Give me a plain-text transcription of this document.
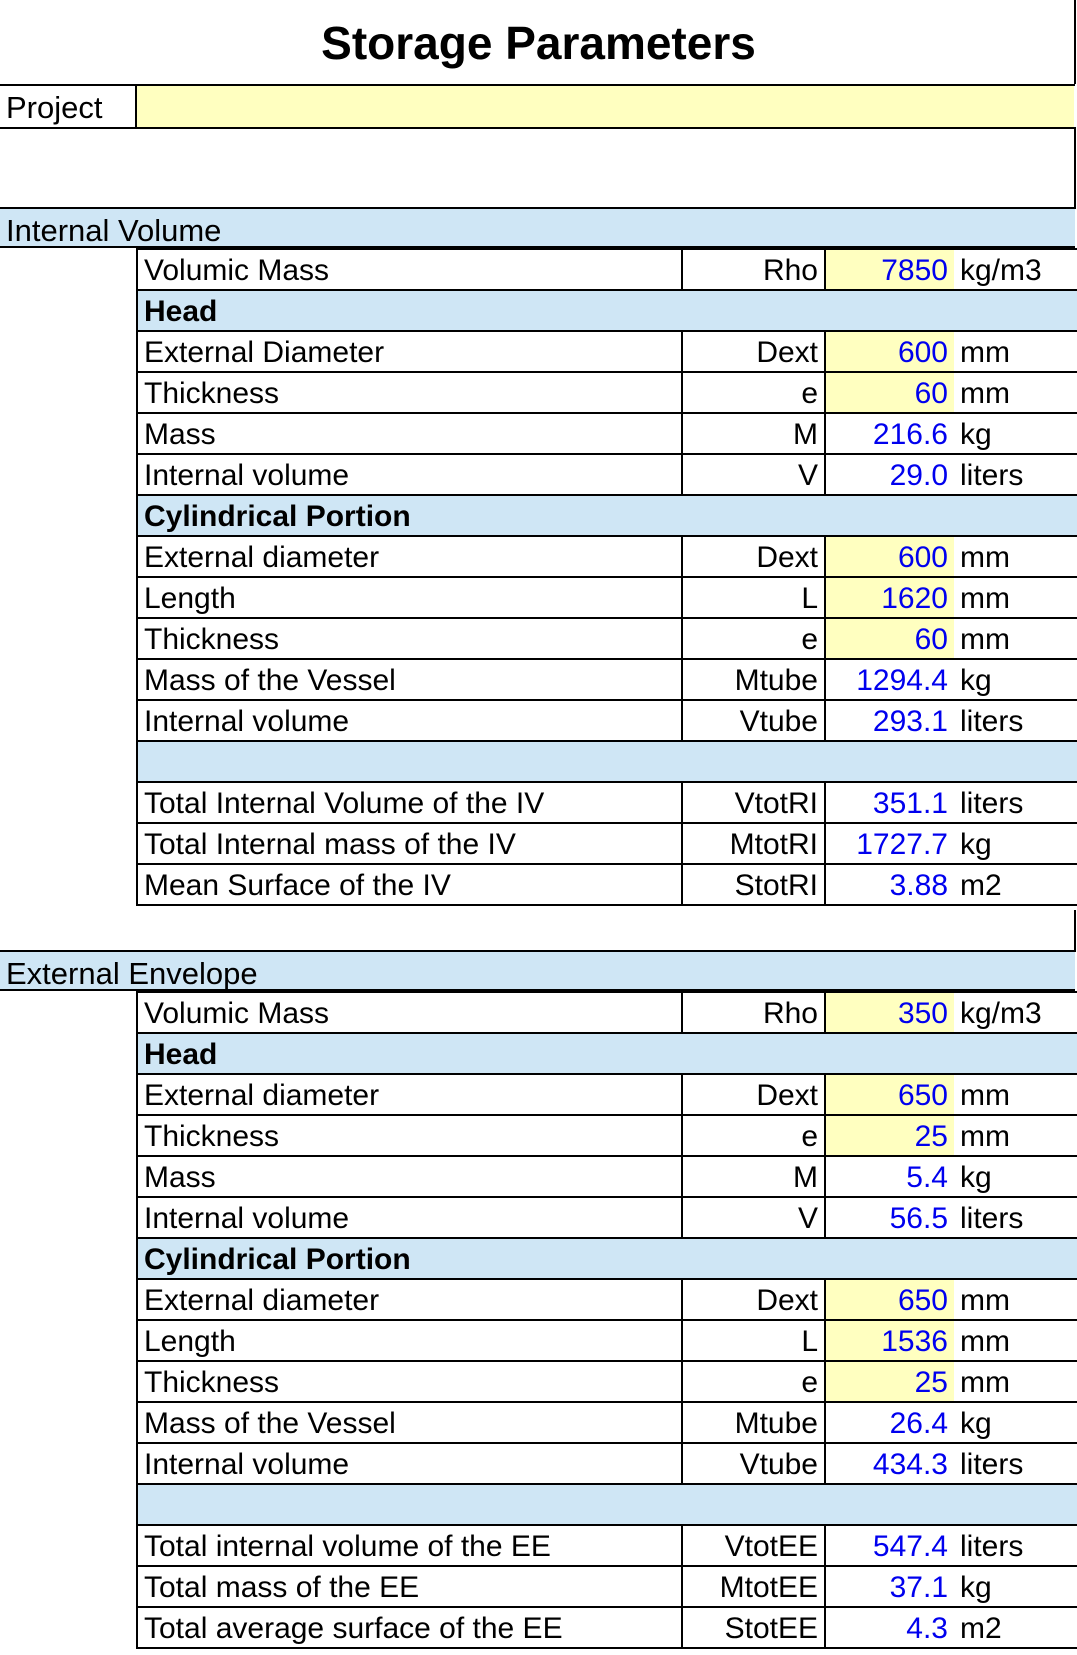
Storage Parameters
Project
Internal Volume
Volumic Mass	Rho	7850 kg/m3
Head
External Diameter	Dext	600 mm
Thickness	e	60 mm
Mass	M	216.6 kg
Internal volume	V	29.0 liters
Cylindrical Portion
External diameter	Dext	600 mm
Length	L	1620 mm
Thickness	e	60 mm
Mass of the Vessel	Mtube	1294.4 kg
Internal volume	Vtube	293.1 liters
Total Internal Volume of the IV	VtotRI	351.1 liters
Total Internal mass of the IV	MtotRI	1727.7 kg
Mean Surface of the IV	StotRI	3.88 m2
External Envelope
Volumic Mass	Rho	350 kg/m3
Head
External diameter	Dext	650 mm
Thickness	e	25 mm
Mass	M	5.4 kg
Internal volume	V	56.5 liters
Cylindrical Portion
External diameter	Dext	650 mm
Length	L	1536 mm
Thickness	e	25 mm
Mass of the Vessel	Mtube	26.4 kg
Internal volume	Vtube	434.3 liters
Total internal volume of the EE	VtotEE	547.4 liters
Total mass of the EE	MtotEE	37.1 kg
Total average surface of the EE	StotEE	4.3 m2
